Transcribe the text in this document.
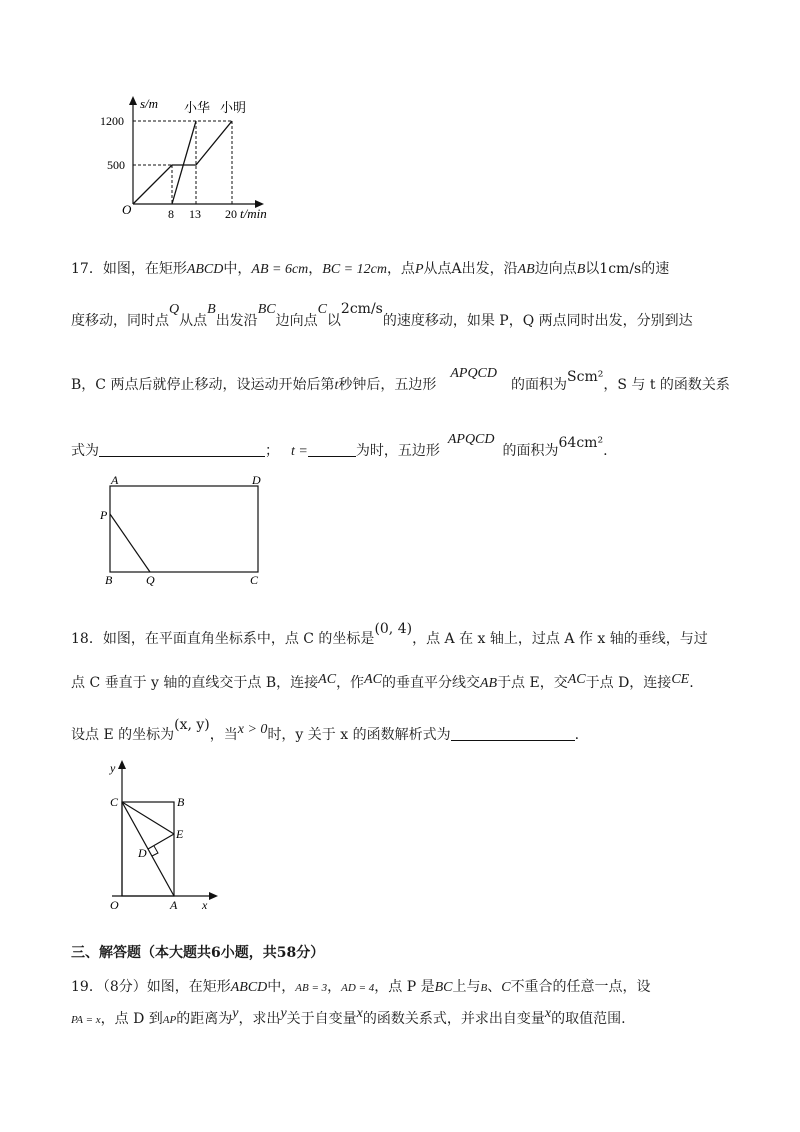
s/m
1200
500
O	8 13 20 t/min
小华 小明
17．如图，在矩形ABCD中，AB = 6cm，BC = 12cm，点P从点A出发，沿AB边向点B以1cm/s的速
度移动，同时点Q从点B出发沿BC边向点C以2cm/s的速度移动，如果 P，Q 两点同时出发，分别到达
B，C 两点后就停止移动，设运动开始后第t秒钟后，五边形APQCD的面积为Scm²，S 与 t 的函数关系
式为	； t =	为时，五边形APQCD的面积为64cm².
A	D
P
B	Q	C
18．如图，在平面直角坐标系中，点 C 的坐标是(0, 4)，点 A 在 x 轴上，过点 A 作 x 轴的垂线，与过
点 C 垂直于 y 轴的直线交于点 B，连接AC，作AC的垂直平分线交AB于点 E，交AC于点 D，连接CE.
设点 E 的坐标为(x, y)，当x > 0时，y 关于 x 的函数解析式为	.
y
C	B
E
D
O	A x
三、解答题（本大题共6小题，共58分）
19．（8分）如图，在矩形ABCD中，AB = 3，AD = 4，点 P 是BC上与B、C不重合的任意一点，设
PA = x，点 D 到AP的距离为y，求出y关于自变量x的函数关系式，并求出自变量x的取值范围.
